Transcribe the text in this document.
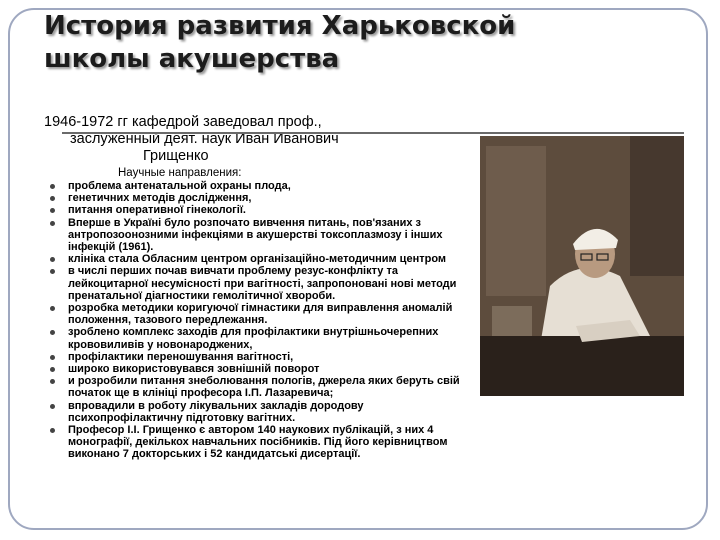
История развития Харьковской
школы акушерства
1946-1972 гг кафедрой заведовал проф.,
заслуженный деят. наук Иван Иванович
Грищенко
Научные направления:
проблема антенатальной охраны плода,
генетичних методів дослідження,
питання оперативної гінекології.
Вперше в Україні було розпочато вивчення питань, пов'язаних з антропозоонозними інфекціями в акушерстві токсоплазмозу і інших інфекцій (1961).
клініка стала Обласним центром організаційно-методичним центром
в числі перших почав вивчати проблему резус-конфлікту та лейкоцитарної несумісності при вагітності, запропоновані нові методи пренатальної діагностики гемолітичної хвороби.
розробка методики коригуючої гімнастики для виправлення аномалій положення, тазового передлежання.
зроблено комплекс заходів для профілактики внутрішньочерепних крововиливів у новонароджених,
профілактики переношування вагітності,
широко використовувався зовнішній поворот
и розробили питання знеболювання пологів, джерела яких беруть свій початок ще в клініці професора І.П. Лазаревича;
впровадили в роботу лікувальних закладів дородову психопрофілактичну підготовку вагітних.
Професор І.І. Грищенко є автором 140 наукових публікацій, з них 4 монографії, декількох навчальних посібників. Під його керівництвом виконано 7 докторських і 52 кандидатські дисертації.
